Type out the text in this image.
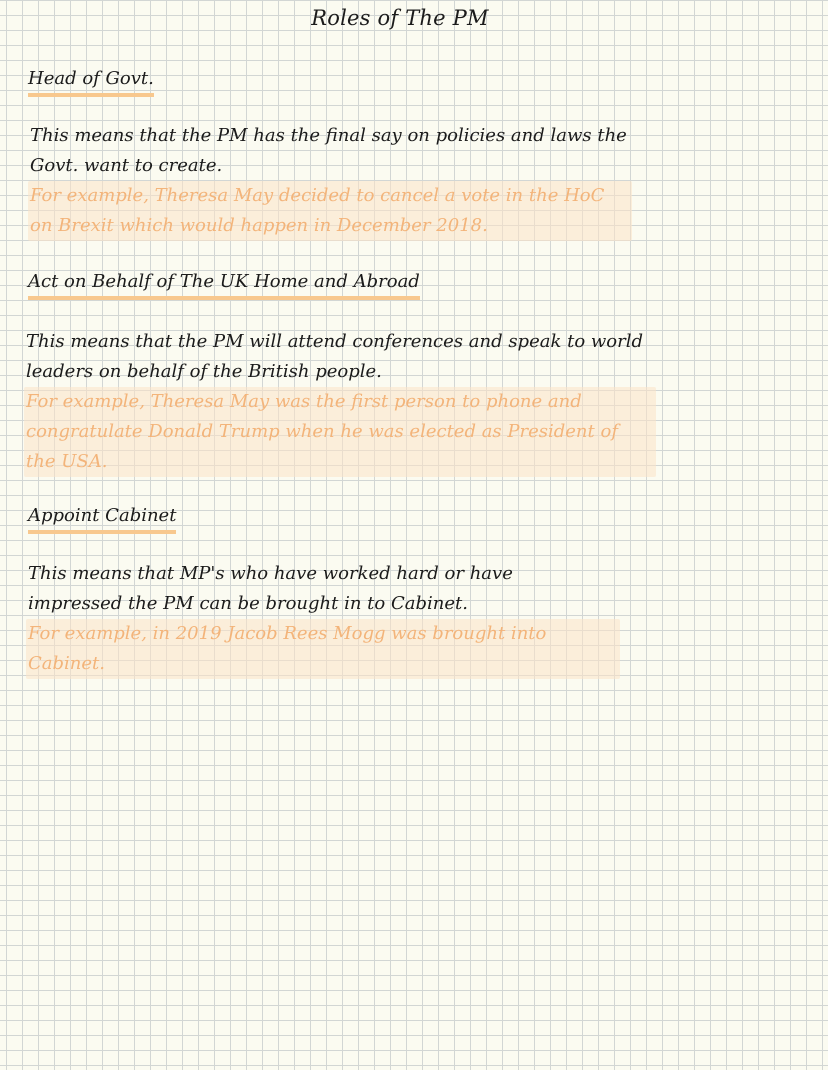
Roles of The PM
Head of Govt.
This means that the PM has the final say on policies and laws the Govt. want to create.
For example, Theresa May decided to cancel a vote in the HoC on Brexit which would happen in December 2018.
Act on Behalf of The UK Home and Abroad
This means that the PM will attend conferences and speak to world leaders on behalf of the British people.
For example, Theresa May was the first person to phone and congratulate Donald Trump when he was elected as President of the USA.
Appoint Cabinet
This means that MP's who have worked hard or have impressed the PM can be brought in to Cabinet.
For example, in 2019 Jacob Rees Mogg was brought into Cabinet.
